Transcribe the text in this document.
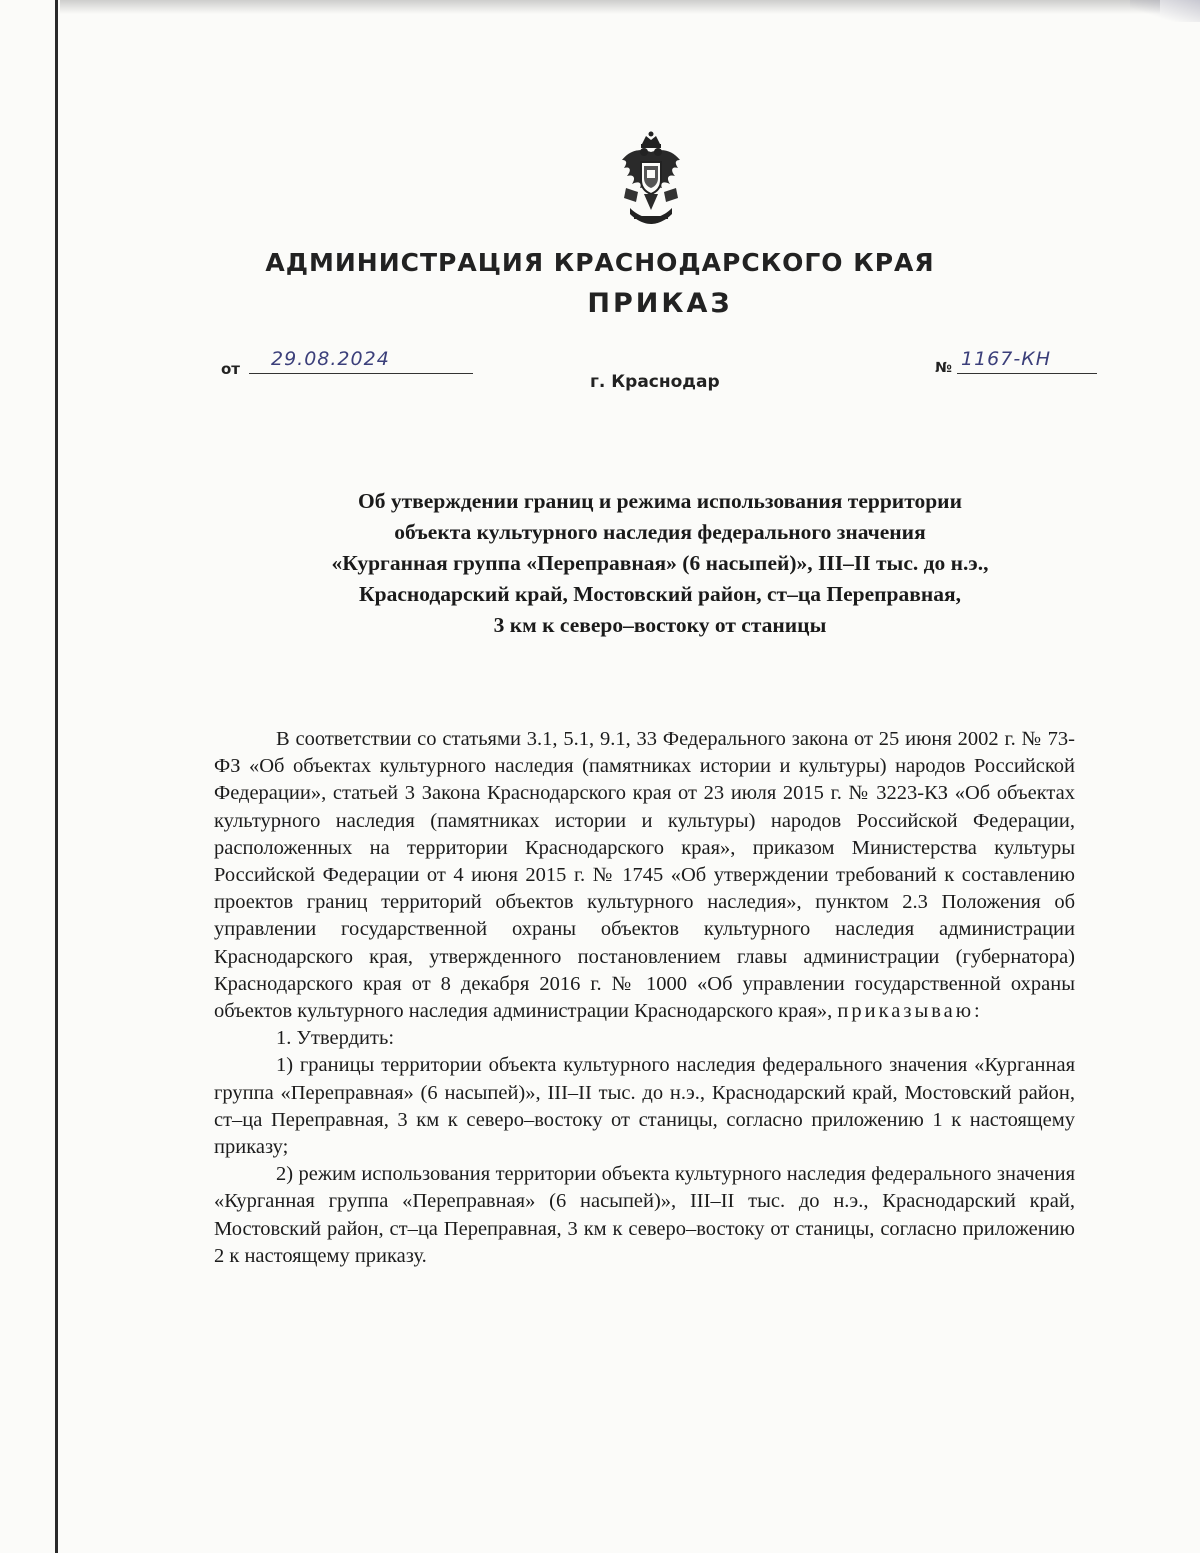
АДМИНИСТРАЦИЯ КРАСНОДАРСКОГО КРАЯ
ПРИКАЗ
от 29.08.2024
г. Краснодар
№ 1167-КН
Об утверждении границ и режима использования территории
объекта культурного наследия федерального значения
«Курганная группа «Переправная» (6 насыпей)», III–II тыс. до н.э.,
Краснодарский край, Мостовский район, ст–ца Переправная,
3 км к северо–востоку от станицы

В соответствии со статьями 3.1, 5.1, 9.1, 33 Федерального закона от 25 июня 2002 г. № 73-ФЗ «Об объектах культурного наследия (памятниках истории и культуры) народов Российской Федерации», статьей 3 Закона Краснодарского края от 23 июля 2015 г. № 3223-КЗ «Об объектах культурного наследия (памятниках истории и культуры) народов Российской Федерации, расположенных на территории Краснодарского края», приказом Министерства культуры Российской Федерации от 4 июня 2015 г. № 1745 «Об утверждении требований к составлению проектов границ территорий объектов культурного наследия», пунктом 2.3 Положения об управлении государственной охраны объектов культурного наследия администрации Краснодарского края, утвержденного постановлением главы администрации (губернатора) Краснодарского края от 8 декабря 2016 г. № 1000 «Об управлении государственной охраны объектов культурного наследия администрации Краснодарского края», приказываю:

1. Утвердить:

1) границы территории объекта культурного наследия федерального значения «Курганная группа «Переправная» (6 насыпей)», III–II тыс. до н.э., Краснодарский край, Мостовский район, ст–ца Переправная, 3 км к северо–востоку от станицы, согласно приложению 1 к настоящему приказу;

2) режим использования территории объекта культурного наследия федерального значения «Курганная группа «Переправная» (6 насыпей)», III–II тыс. до н.э., Краснодарский край, Мостовский район, ст–ца Переправная, 3 км к северо–востоку от станицы, согласно приложению 2 к настоящему приказу.
